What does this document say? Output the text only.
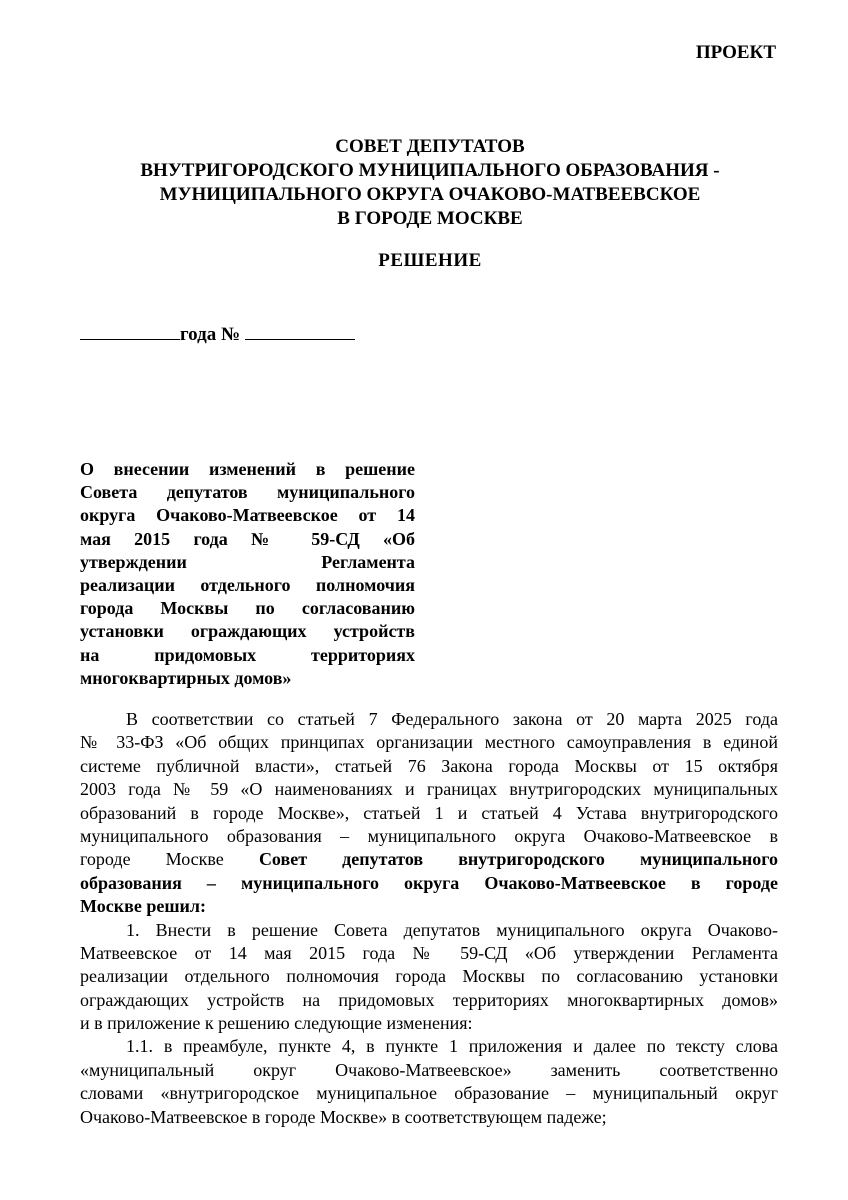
ПРОЕКТ
СОВЕТ ДЕПУТАТОВ
ВНУТРИГОРОДСКОГО МУНИЦИПАЛЬНОГО ОБРАЗОВАНИЯ -
МУНИЦИПАЛЬНОГО ОКРУГА ОЧАКОВО-МАТВЕЕВСКОЕ
В ГОРОДЕ МОСКВЕ
РЕШЕНИЕ
года №
О внесении изменений в решение
Совета депутатов муниципального
округа Очаково-Матвеевское от 14
мая 2015 года № 59-СД «Об
утверждении Регламента
реализации отдельного полномочия
города Москвы по согласованию
установки ограждающих устройств
на придомовых территориях
многоквартирных домов»
В соответствии со статьей 7 Федерального закона от 20 марта 2025 года
№ 33-ФЗ «Об общих принципах организации местного самоуправления в единой
системе публичной власти», статьей 76 Закона города Москвы от 15 октября
2003 года № 59 «О наименованиях и границах внутригородских муниципальных
образований в городе Москве», статьей 1 и статьей 4 Устава внутригородского
муниципального образования – муниципального округа Очаково-Матвеевское в
городе Москве Совет депутатов внутригородского муниципального
образования – муниципального округа Очаково-Матвеевское в городе
Москве решил:
1. Внести в решение Совета депутатов муниципального округа Очаково-
Матвеевское от 14 мая 2015 года № 59-СД «Об утверждении Регламента
реализации отдельного полномочия города Москвы по согласованию установки
ограждающих устройств на придомовых территориях многоквартирных домов»
и в приложение к решению следующие изменения:
1.1. в преамбуле, пункте 4, в пункте 1 приложения и далее по тексту слова
«муниципальный округ Очаково-Матвеевское» заменить соответственно
словами «внутригородское муниципальное образование – муниципальный округ
Очаково-Матвеевское в городе Москве» в соответствующем падеже;
